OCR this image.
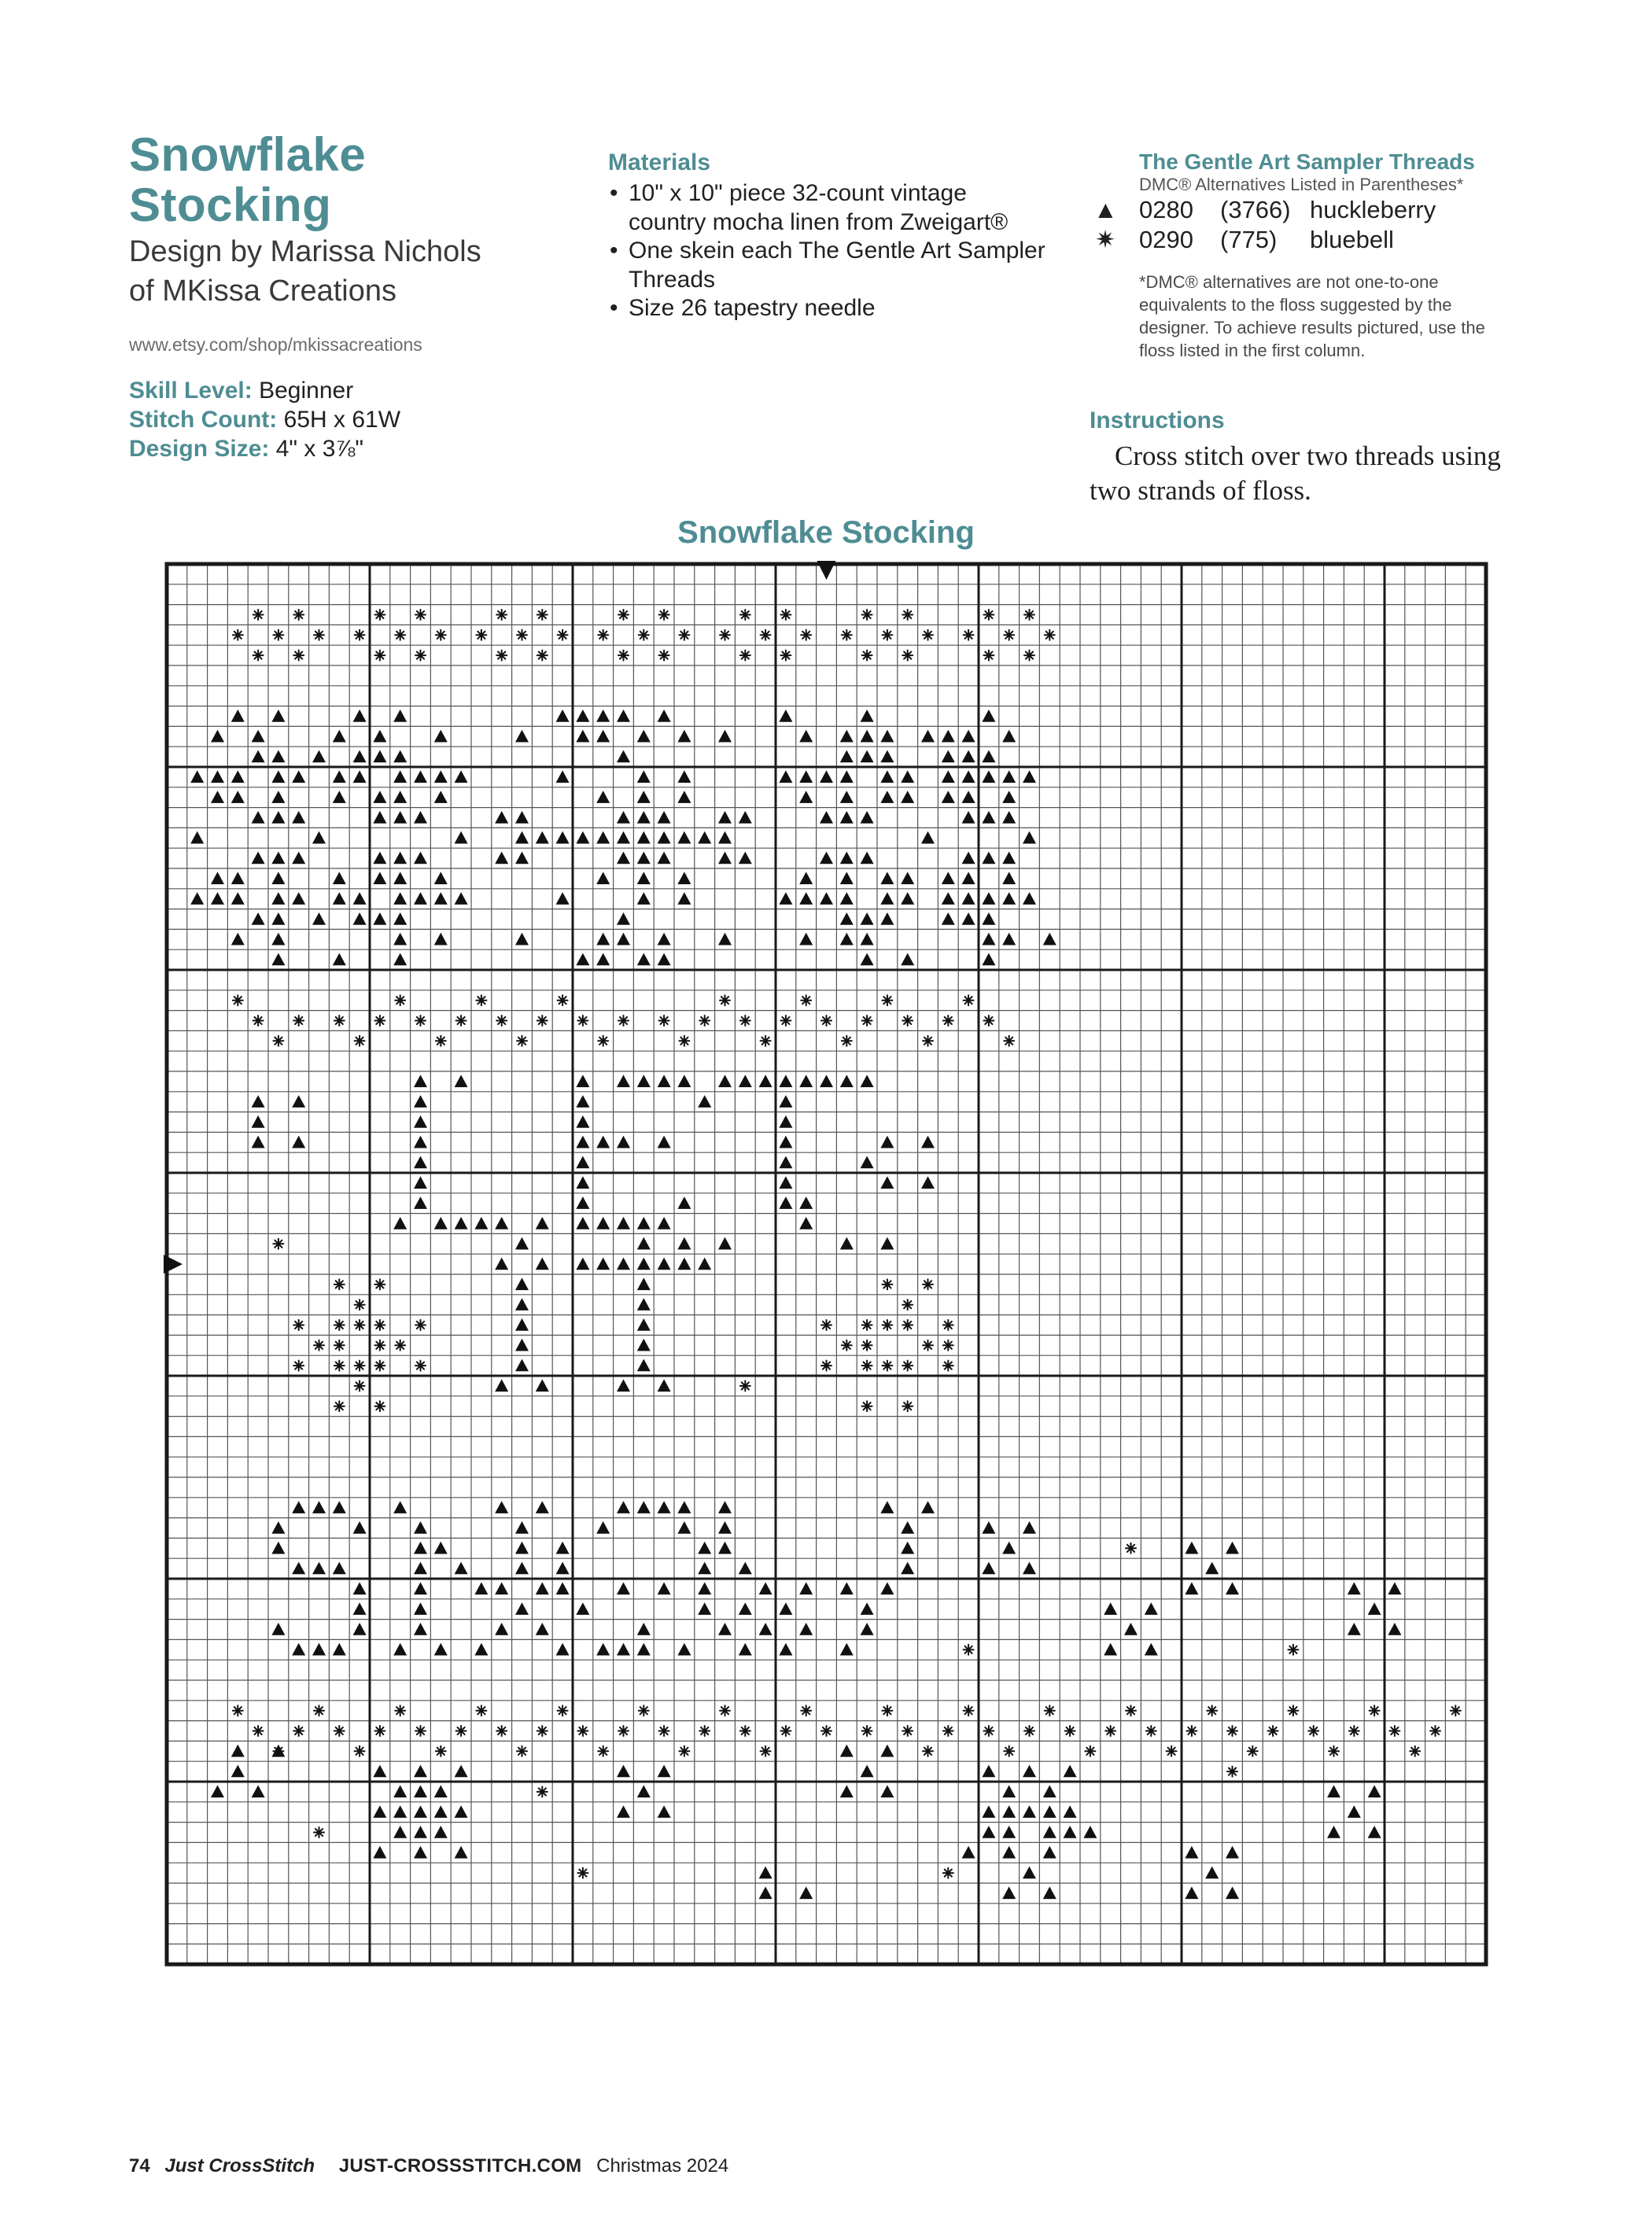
Snowflake
Stocking
Design by Marissa Nichols
of MKissa Creations
www.etsy.com/shop/mkissacreations
Skill Level: Beginner
Stitch Count: 65H x 61W
Design Size: 4" x 3⅞"
Materials
• 10" x 10" piece 32-count vintage country mocha linen from Zweigart®
• One skein each The Gentle Art Sampler Threads
• Size 26 tapestry needle
The Gentle Art Sampler Threads
DMC® Alternatives Listed in Parentheses*
▲ 0280 (3766) huckleberry
✷ 0290 (775) bluebell
*DMC® alternatives are not one-to-one equivalents to the floss suggested by the designer. To achieve results pictured, use the floss listed in the first column.
Instructions
Cross stitch over two threads using two strands of floss.
Snowflake Stocking
74 Just CrossStitch JUST-CROSSSTITCH.COM Christmas 2024
